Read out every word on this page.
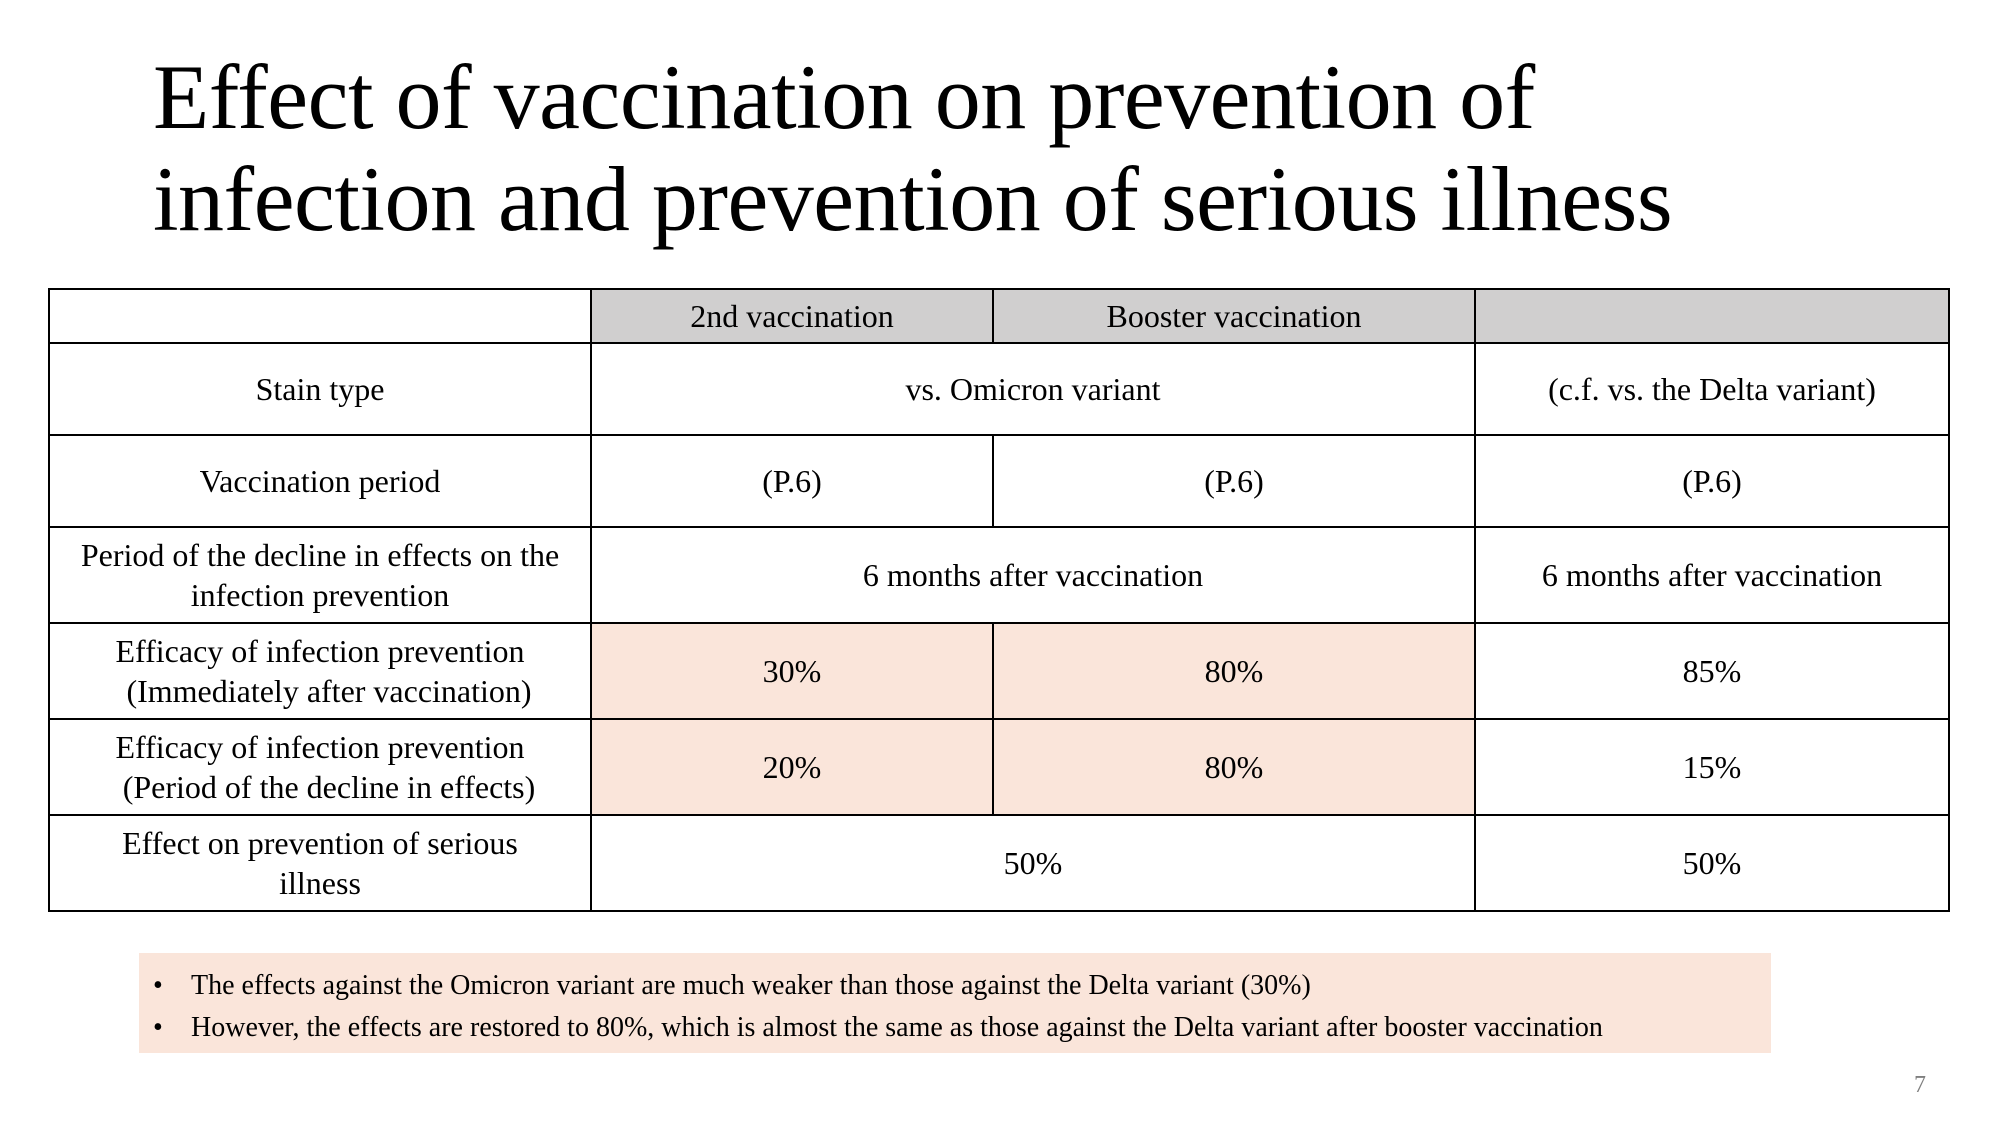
Effect of vaccination on prevention of
infection and prevention of serious illness
	2nd vaccination	Booster vaccination	

Stain type	vs. Omicron variant		(c.f. vs. the Delta variant)

Vaccination period	(P.6)	(P.6)	(P.6)

Period of the decline in effects on the
infection prevention	6 months after vaccination		6 months after vaccination

Efficacy of infection prevention
(Immediately after vaccination)	30%	80%	85%

Efficacy of infection prevention
(Period of the decline in effects)	20%	80%	15%

Effect on prevention of serious
illness	50%		50%
• The effects against the Omicron variant are much weaker than those against the Delta variant (30%)
• However, the effects are restored to 80%, which is almost the same as those against the Delta variant after booster vaccination
7
